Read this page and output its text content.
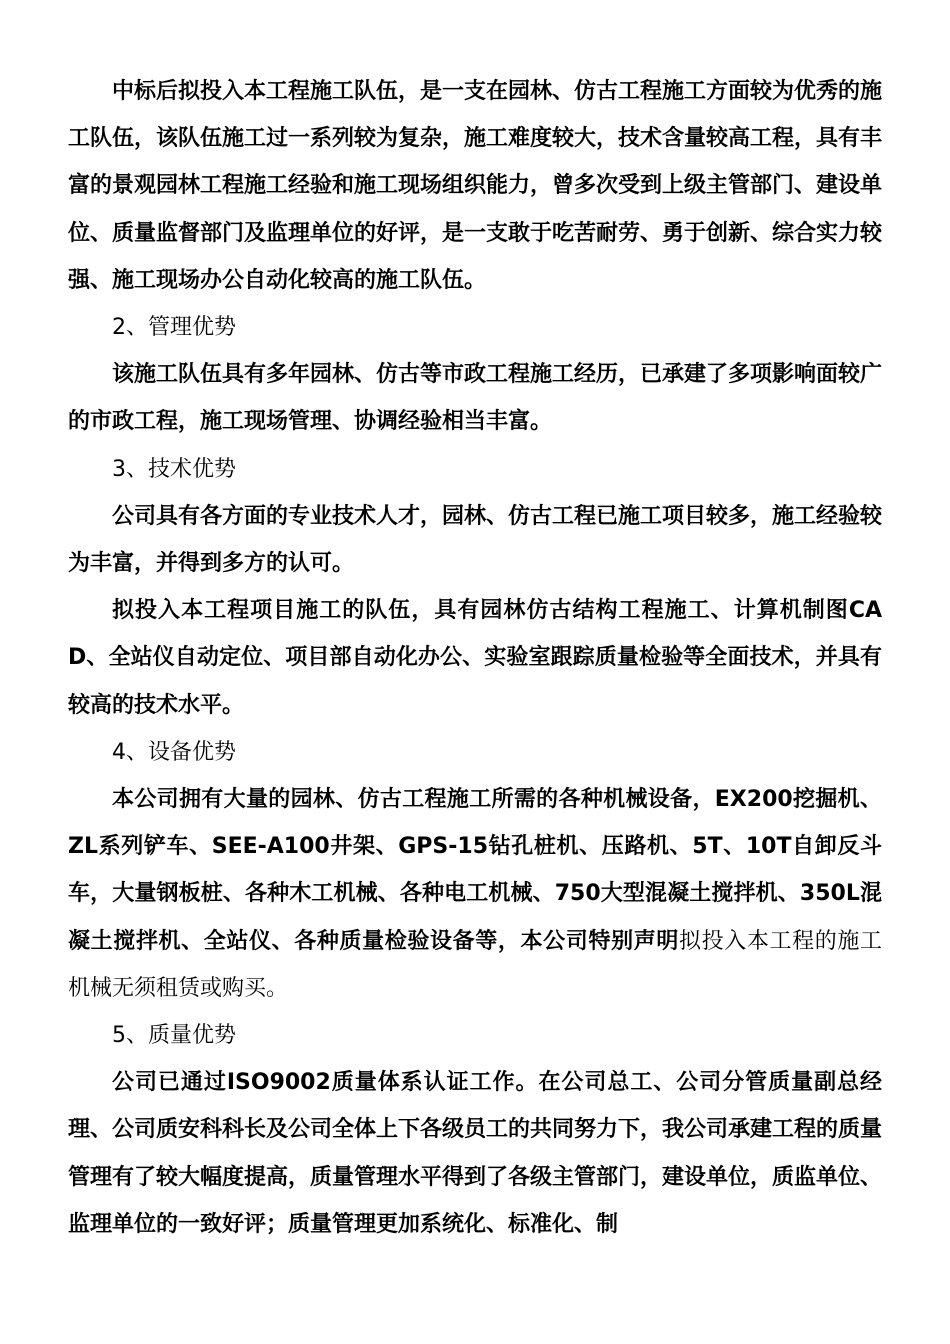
中标后拟投入本工程施工队伍，是一支在园林、仿古工程施工方面较为优秀的施工队伍，该队伍施工过一系列较为复杂，施工难度较大，技术含量较高工程，具有丰富的景观园林工程施工经验和施工现场组织能力，曾多次受到上级主管部门、建设单位、质量监督部门及监理单位的好评，是一支敢于吃苦耐劳、勇于创新、综合实力较强、施工现场办公自动化较高的施工队伍。

2、管理优势

该施工队伍具有多年园林、仿古等市政工程施工经历，已承建了多项影响面较广的市政工程，施工现场管理、协调经验相当丰富。

3、技术优势

公司具有各方面的专业技术人才，园林、仿古工程已施工项目较多，施工经验较为丰富，并得到多方的认可。

拟投入本工程项目施工的队伍，具有园林仿古结构工程施工、计算机制图CAD、全站仪自动定位、项目部自动化办公、实验室跟踪质量检验等全面技术，并具有较高的技术水平。

4、设备优势

本公司拥有大量的园林、仿古工程施工所需的各种机械设备，EX200挖掘机、ZL系列铲车、SEE-A100井架、GPS-15钻孔桩机、压路机、5T、10T自卸反斗车，大量钢板桩、各种木工机械、各种电工机械、750大型混凝土搅拌机、350L混凝土搅拌机、全站仪、各种质量检验设备等，本公司特别声明拟投入本工程的施工机械无须租赁或购买。

5、质量优势

公司已通过ISO9002质量体系认证工作。在公司总工、公司分管质量副总经理、公司质安科科长及公司全体上下各级员工的共同努力下，我公司承建工程的质量管理有了较大幅度提高，质量管理水平得到了各级主管部门，建设单位，质监单位、监理单位的一致好评；质量管理更加系统化、标准化、制
